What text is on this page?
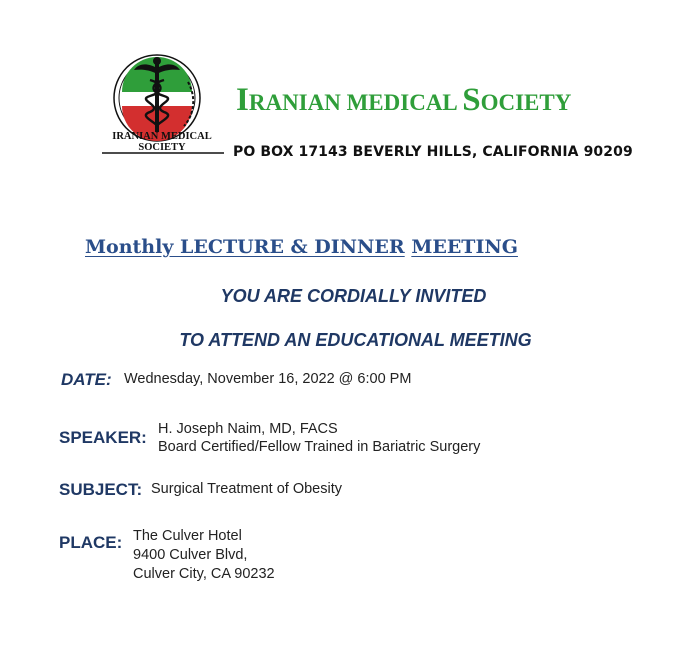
IRANIAN MEDICAL
SOCIETY
IRANIAN MEDICAL SOCIETY
PO BOX 17143 BEVERLY HILLS, CALIFORNIA 90209
Monthly LECTURE & DINNER MEETING
YOU ARE CORDIALLY INVITED
TO ATTEND AN EDUCATIONAL MEETING
DATE: Wednesday, November 16, 2022 @ 6:00 PM
SPEAKER: H. Joseph Naim, MD, FACS
Board Certified/Fellow Trained in Bariatric Surgery
SUBJECT: Surgical Treatment of Obesity
PLACE: The Culver Hotel
9400 Culver Blvd,
Culver City, CA 90232
